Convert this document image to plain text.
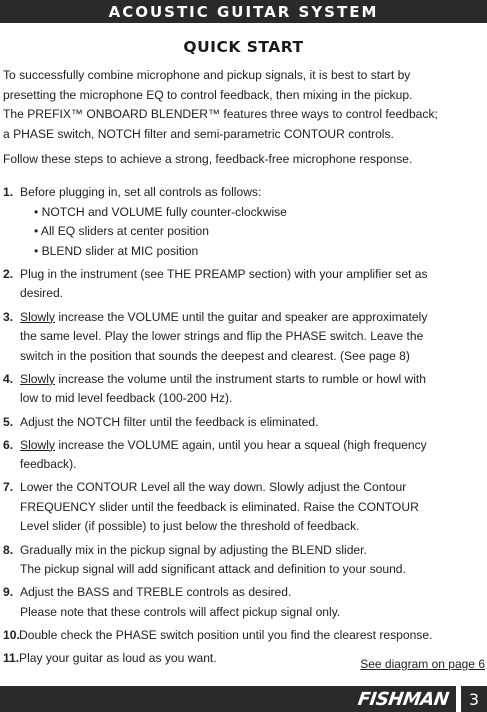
ACOUSTIC GUITAR SYSTEM
QUICK START

To successfully combine microphone and pickup signals, it is best to start by
presetting the microphone EQ to control feedback, then mixing in the pickup.
The PREFIX™ ONBOARD BLENDER™ features three ways to control feedback;
a PHASE switch, NOTCH filter and semi-parametric CONTOUR controls.

Follow these steps to achieve a strong, feedback-free microphone response.

1. Before plugging in, set all controls as follows:
• NOTCH and VOLUME fully counter-clockwise
• All EQ sliders at center position
• BLEND slider at MIC position
2. Plug in the instrument (see THE PREAMP section) with your amplifier set as
desired.
3. Slowly increase the VOLUME until the guitar and speaker are approximately
the same level. Play the lower strings and flip the PHASE switch. Leave the
switch in the position that sounds the deepest and clearest. (See page 8)
4. Slowly increase the volume until the instrument starts to rumble or howl with
low to mid level feedback (100-200 Hz).
5. Adjust the NOTCH filter until the feedback is eliminated.
6. Slowly increase the VOLUME again, until you hear a squeal (high frequency
feedback).
7. Lower the CONTOUR Level all the way down. Slowly adjust the Contour
FREQUENCY slider until the feedback is eliminated. Raise the CONTOUR
Level slider (if possible) to just below the threshold of feedback.
8. Gradually mix in the pickup signal by adjusting the BLEND slider.
The pickup signal will add significant attack and definition to your sound.
9. Adjust the BASS and TREBLE controls as desired.
Please note that these controls will affect pickup signal only.
10. Double check the PHASE switch position until you find the clearest response.
11. Play your guitar as loud as you want.	See diagram on page 6
FISHMAN	3
